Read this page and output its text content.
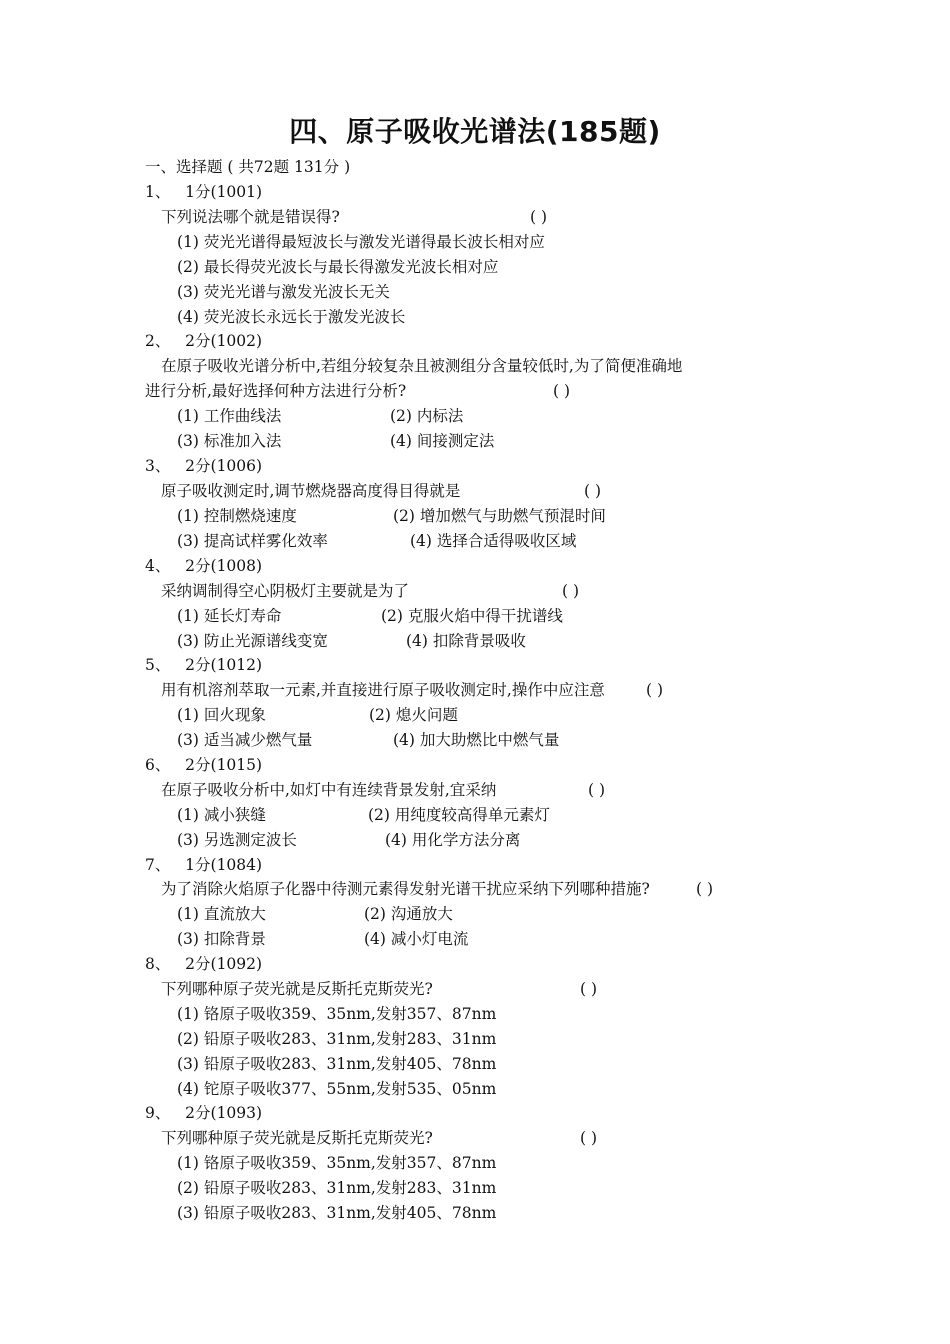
四、原子吸收光谱法(185题)
一、选择题 ( 共72题 131分 )
1、 1分(1001)
下列说法哪个就是错误得?	( )
(1) 荧光光谱得最短波长与激发光谱得最长波长相对应
(2) 最长得荧光波长与最长得激发光波长相对应
(3) 荧光光谱与激发光波长无关
(4) 荧光波长永远长于激发光波长
2、 2分(1002)
在原子吸收光谱分析中,若组分较复杂且被测组分含量较低时,为了简便准确地
进行分析,最好选择何种方法进行分析?	( )
(1) 工作曲线法	(2) 内标法
(3) 标准加入法	(4) 间接测定法
3、 2分(1006)
原子吸收测定时,调节燃烧器高度得目得就是	( )
(1) 控制燃烧速度	(2) 增加燃气与助燃气预混时间
(3) 提高试样雾化效率	(4) 选择合适得吸收区域
4、 2分(1008)
采纳调制得空心阴极灯主要就是为了	( )
(1) 延长灯寿命	(2) 克服火焰中得干扰谱线
(3) 防止光源谱线变宽	(4) 扣除背景吸收
5、 2分(1012)
用有机溶剂萃取一元素,并直接进行原子吸收测定时,操作中应注意	( )
(1) 回火现象	(2) 熄火问题
(3) 适当减少燃气量	(4) 加大助燃比中燃气量
6、 2分(1015)
在原子吸收分析中,如灯中有连续背景发射,宜采纳	( )
(1) 减小狭缝	(2) 用纯度较高得单元素灯
(3) 另选测定波长	(4) 用化学方法分离
7、 1分(1084)
为了消除火焰原子化器中待测元素得发射光谱干扰应采纳下列哪种措施?	( )
(1) 直流放大	(2) 沟通放大
(3) 扣除背景	(4) 减小灯电流
8、 2分(1092)
下列哪种原子荧光就是反斯托克斯荧光?	( )
(1) 铬原子吸收359、35nm,发射357、87nm
(2) 铅原子吸收283、31nm,发射283、31nm
(3) 铅原子吸收283、31nm,发射405、78nm
(4) 铊原子吸收377、55nm,发射535、05nm
9、 2分(1093)
下列哪种原子荧光就是反斯托克斯荧光?	( )
(1) 铬原子吸收359、35nm,发射357、87nm
(2) 铅原子吸收283、31nm,发射283、31nm
(3) 铅原子吸收283、31nm,发射405、78nm
